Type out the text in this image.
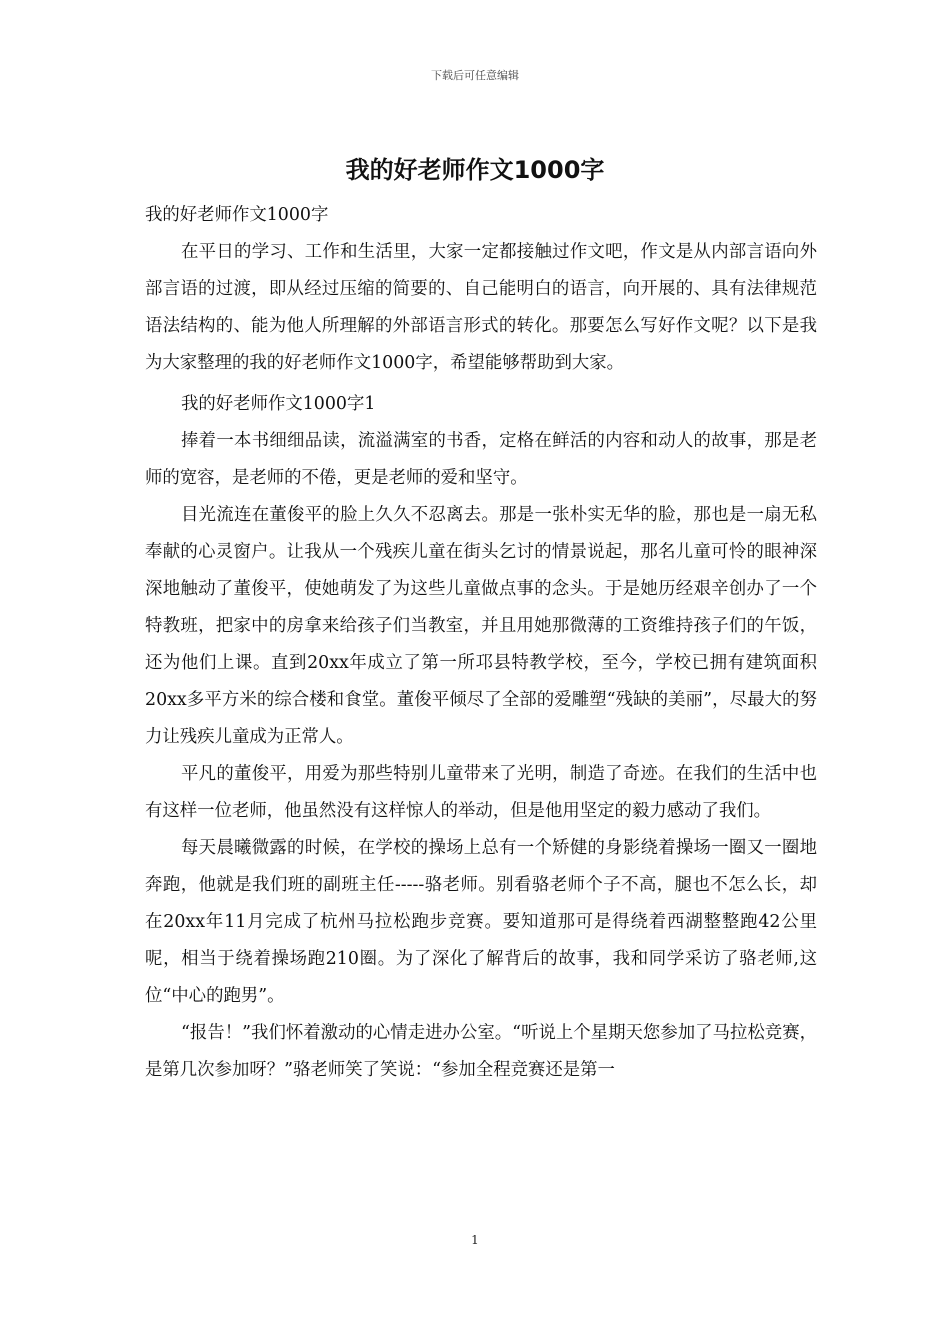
下载后可任意编辑
我的好老师作文1000字

我的好老师作文1000字

在平日的学习、工作和生活里，大家一定都接触过作文吧，作文是从内部言语向外部言语的过渡，即从经过压缩的简要的、自己能明白的语言，向开展的、具有法律规范语法结构的、能为他人所理解的外部语言形式的转化。那要怎么写好作文呢？以下是我为大家整理的我的好老师作文1000字，希望能够帮助到大家。

我的好老师作文1000字1

捧着一本书细细品读，流溢满室的书香，定格在鲜活的内容和动人的故事，那是老师的宽容，是老师的不倦，更是老师的爱和坚守。

目光流连在董俊平的脸上久久不忍离去。那是一张朴实无华的脸，那也是一扇无私奉献的心灵窗户。让我从一个残疾儿童在街头乞讨的情景说起，那名儿童可怜的眼神深深地触动了董俊平，使她萌发了为这些儿童做点事的念头。于是她历经艰辛创办了一个特教班，把家中的房拿来给孩子们当教室，并且用她那微薄的工资维持孩子们的午饭，还为他们上课。直到20xx年成立了第一所邛县特教学校，至今，学校已拥有建筑面积20xx多平方米的综合楼和食堂。董俊平倾尽了全部的爱雕塑“残缺的美丽”，尽最大的努力让残疾儿童成为正常人。

平凡的董俊平，用爱为那些特别儿童带来了光明，制造了奇迹。在我们的生活中也有这样一位老师，他虽然没有这样惊人的举动，但是他用坚定的毅力感动了我们。

每天晨曦微露的时候，在学校的操场上总有一个矫健的身影绕着操场一圈又一圈地奔跑，他就是我们班的副班主任-----骆老师。别看骆老师个子不高，腿也不怎么长，却在20xx年11月完成了杭州马拉松跑步竞赛。要知道那可是得绕着西湖整整跑42公里呢，相当于绕着操场跑210圈。为了深化了解背后的故事，我和同学采访了骆老师,这位“中心的跑男”。

“报告！”我们怀着激动的心情走进办公室。“听说上个星期天您参加了马拉松竞赛，是第几次参加呀？”骆老师笑了笑说：“参加全程竞赛还是第一

1
